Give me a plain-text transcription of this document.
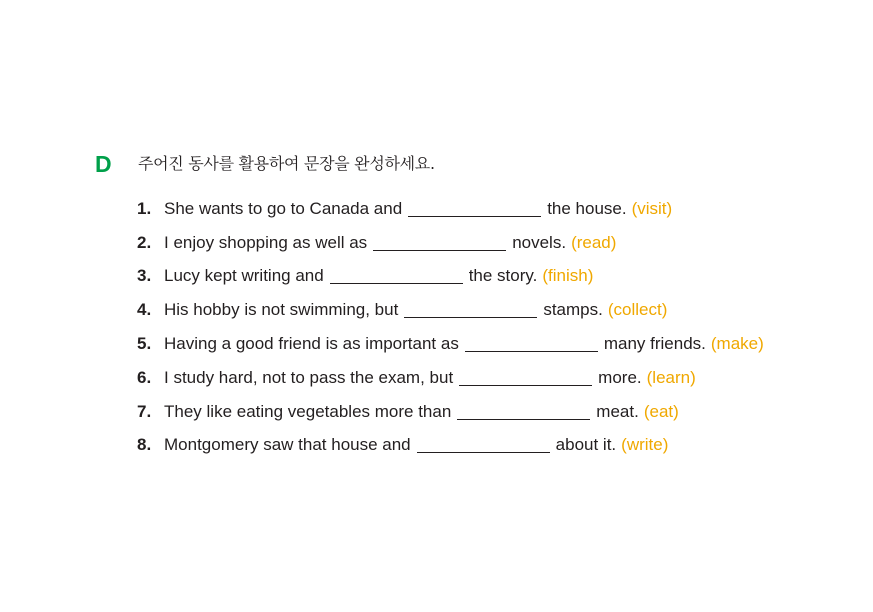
D 주어진 동사를 활용하여 문장을 완성하세요.
1. She wants to go to Canada and	the house. (visit)
2. I enjoy shopping as well as	novels. (read)
3. Lucy kept writing and	the story. (finish)
4. His hobby is not swimming, but	stamps. (collect)
5. Having a good friend is as important as	many friends. (make)
6. I study hard, not to pass the exam, but	more. (learn)
7. They like eating vegetables more than	meat. (eat)
8. Montgomery saw that house and	about it. (write)
